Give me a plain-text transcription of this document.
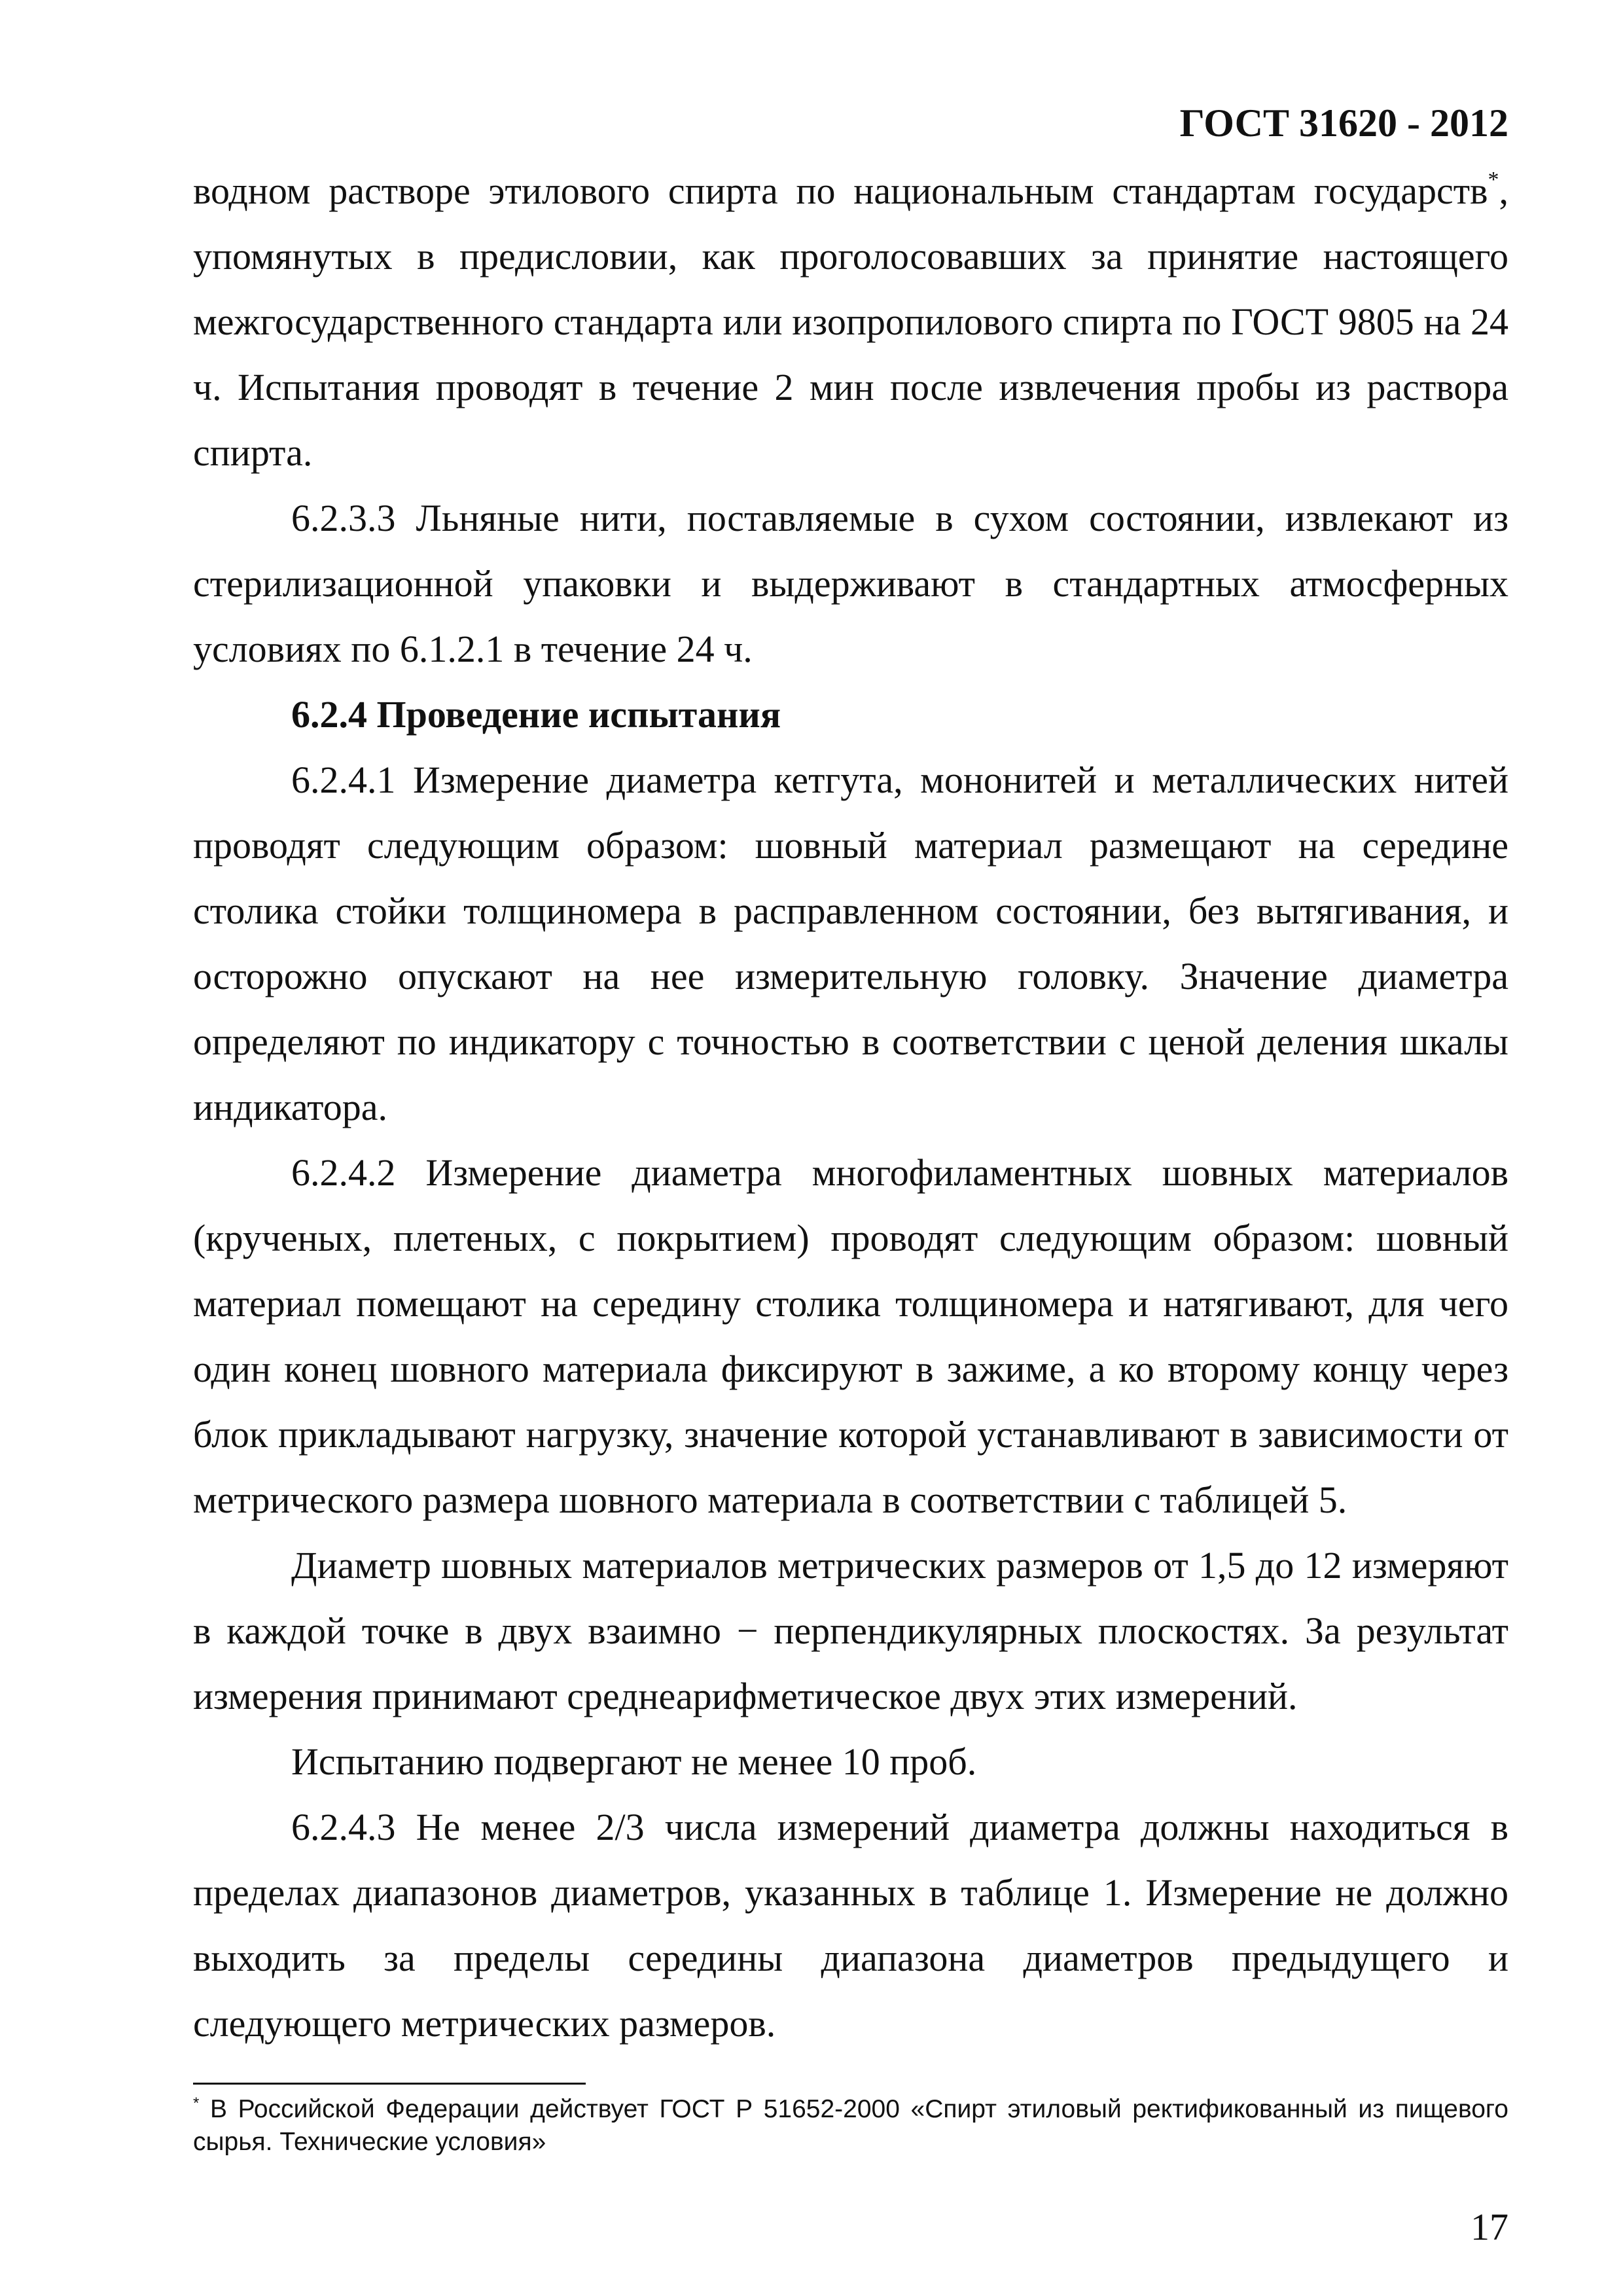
ГОСТ 31620 - 2012

водном растворе этилового спирта по национальным стандартам государств*, упомянутых в предисловии, как проголосовавших за принятие настоящего межгосударственного стандарта или изопропилового спирта по ГОСТ 9805 на 24 ч. Испытания проводят в течение 2 мин после извлечения пробы из раствора спирта.

6.2.3.3 Льняные нити, поставляемые в сухом состоянии, извлекают из стерилизационной упаковки и выдерживают в стандартных атмосферных условиях по 6.1.2.1 в течение 24 ч.

6.2.4 Проведение испытания

6.2.4.1 Измерение диаметра кетгута, мононитей и металлических нитей проводят следующим образом: шовный материал размещают на середине столика стойки толщиномера в расправленном состоянии, без вытягивания, и осторожно опускают на нее измерительную головку. Значение диаметра определяют по индикатору с точностью в соответствии с ценой деления шкалы индикатора.

6.2.4.2 Измерение диаметра многофиламентных шовных материалов (крученых, плетеных, с покрытием) проводят следующим образом: шовный материал помещают на середину столика толщиномера и натягивают, для чего один конец шовного материала фиксируют в зажиме, а ко второму концу через блок прикладывают нагрузку, значение которой устанавливают в зависимости от метрического размера шовного материала в соответствии с таблицей 5.

Диаметр шовных материалов метрических размеров от 1,5 до 12 измеряют в каждой точке в двух взаимно − перпендикулярных плоскостях. За результат измерения принимают среднеарифметическое двух этих измерений.

Испытанию подвергают не менее 10 проб.

6.2.4.3 Не менее 2/3 числа измерений диаметра должны находиться в пределах диапазонов диаметров, указанных в таблице 1. Измерение не должно выходить за пределы середины диапазона диаметров предыдущего и следующего метрических размеров.

* В Российской Федерации действует ГОСТ Р 51652-2000 «Спирт этиловый ректификованный из пищевого сырья. Технические условия»
17
